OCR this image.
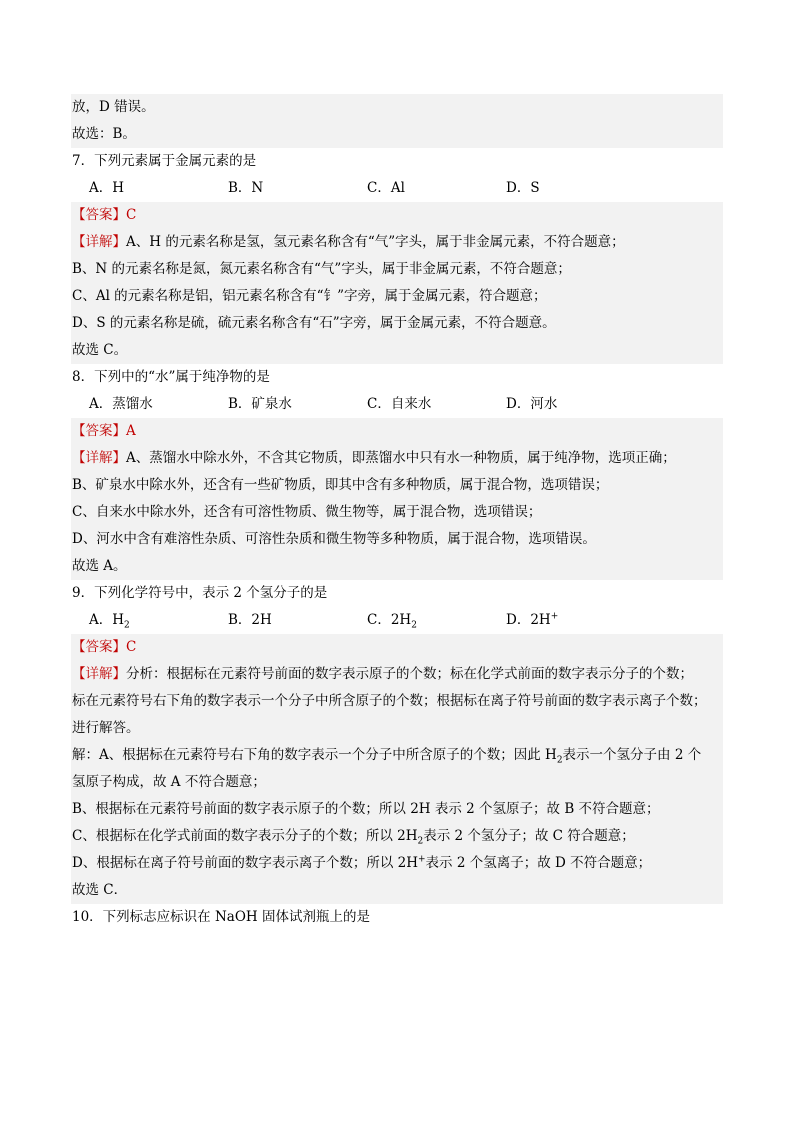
放，D 错误。
故选：B。
7．下列元素属于金属元素的是
A．H	B．N	C．Al	D．S
【答案】C
【详解】A、H 的元素名称是氢，氢元素名称含有“气”字头，属于非金属元素，不符合题意；
B、N 的元素名称是氮，氮元素名称含有“气”字头，属于非金属元素，不符合题意；
C、Al 的元素名称是铝，铝元素名称含有“钅”字旁，属于金属元素，符合题意；
D、S 的元素名称是硫，硫元素名称含有“石”字旁，属于金属元素，不符合题意。
故选 C。
8．下列中的“水”属于纯净物的是
A．蒸馏水	B．矿泉水	C．自来水	D．河水
【答案】A
【详解】A、蒸馏水中除水外，不含其它物质，即蒸馏水中只有水一种物质，属于纯净物，选项正确；
B、矿泉水中除水外，还含有一些矿物质，即其中含有多种物质，属于混合物，选项错误；
C、自来水中除水外，还含有可溶性物质、微生物等，属于混合物，选项错误；
D、河水中含有难溶性杂质、可溶性杂质和微生物等多种物质，属于混合物，选项错误。
故选 A。
9．下列化学符号中，表示 2 个氢分子的是
A．$H_2$	B．2H	C．$2H_2$	D．2H+
【答案】C
【详解】分析：根据标在元素符号前面的数字表示原子的个数；标在化学式前面的数字表示分子的个数；
标在元素符号右下角的数字表示一个分子中所含原子的个数；根据标在离子符号前面的数字表示离子个数；
进行解答。
解：A、根据标在元素符号右下角的数字表示一个分子中所含原子的个数；因此 $H_2$表示一个氢分子由 2 个
氢原子构成，故 A 不符合题意；
B、根据标在元素符号前面的数字表示原子的个数；所以 2H 表示 2 个氢原子；故 B 不符合题意；
C、根据标在化学式前面的数字表示分子的个数；所以 $2H_2$表示 2 个氢分子；故 C 符合题意；
D、根据标在离子符号前面的数字表示离子个数；所以 2H+表示 2 个氢离子；故 D 不符合题意；
故选 C．
10．下列标志应标识在 NaOH 固体试剂瓶上的是
